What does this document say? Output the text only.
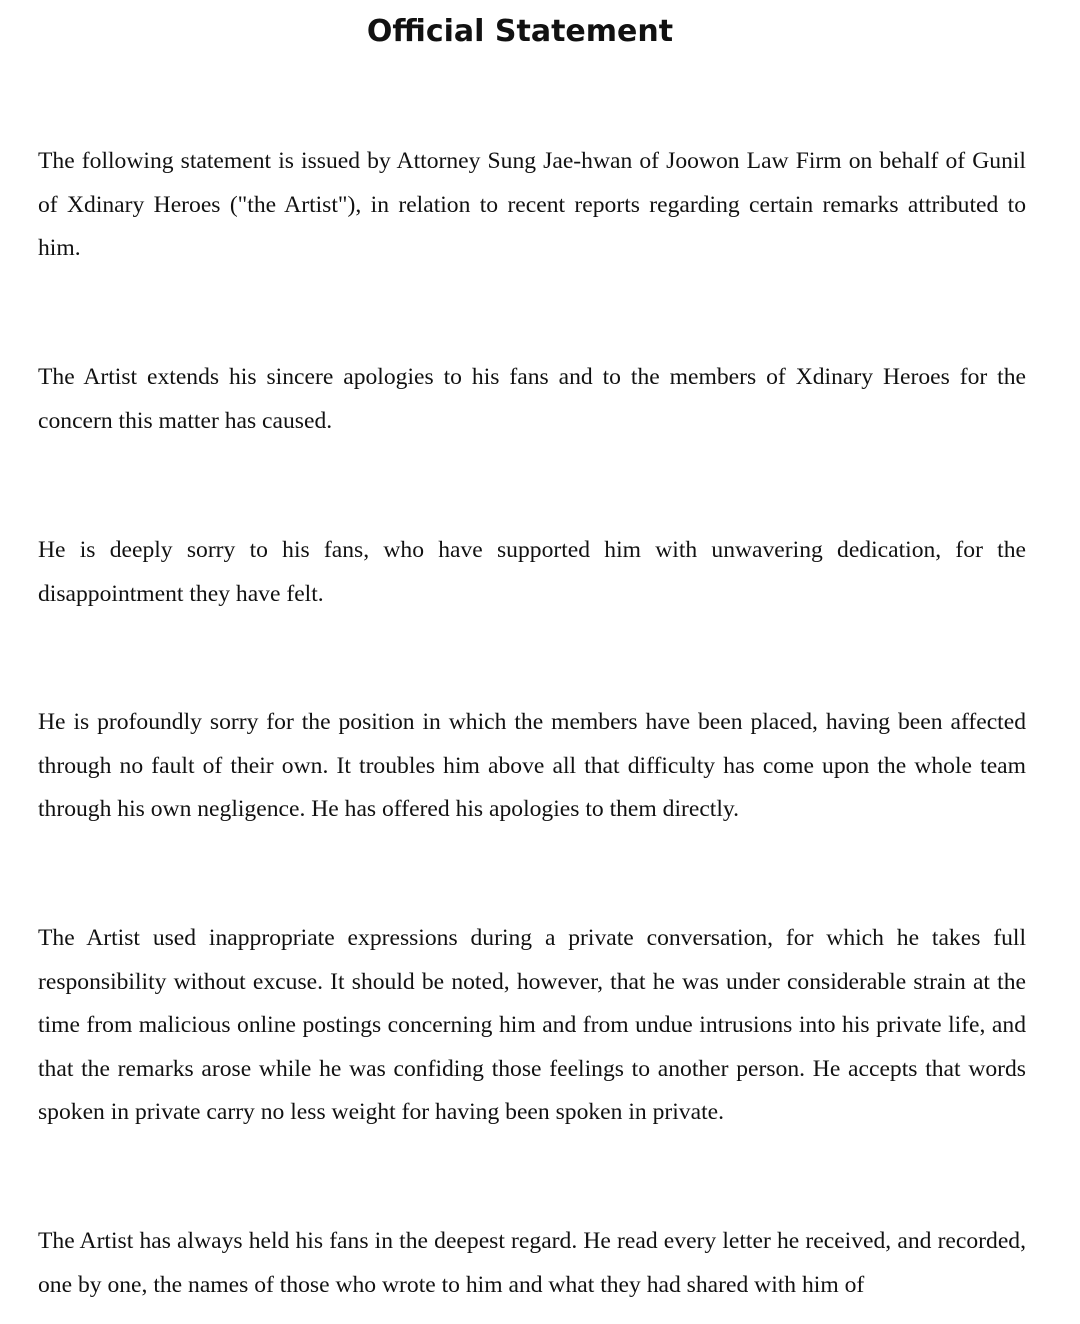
Official Statement

The following statement is issued by Attorney Sung Jae-hwan of Joowon Law Firm on behalf of Gunil of Xdinary Heroes ("the Artist"), in relation to recent reports regarding certain remarks attributed to him.

The Artist extends his sincere apologies to his fans and to the members of Xdinary Heroes for the concern this matter has caused.

He is deeply sorry to his fans, who have supported him with unwavering dedication, for the disappointment they have felt.

He is profoundly sorry for the position in which the members have been placed, having been affected through no fault of their own. It troubles him above all that difficulty has come upon the whole team through his own negligence. He has offered his apologies to them directly.

The Artist used inappropriate expressions during a private conversation, for which he takes full responsibility without excuse. It should be noted, however, that he was under considerable strain at the time from malicious online postings concerning him and from undue intrusions into his private life, and that the remarks arose while he was confiding those feelings to another person. He accepts that words spoken in private carry no less weight for having been spoken in private.

The Artist has always held his fans in the deepest regard. He read every letter he received, and recorded, one by one, the names of those who wrote to him and what they had shared with him of
